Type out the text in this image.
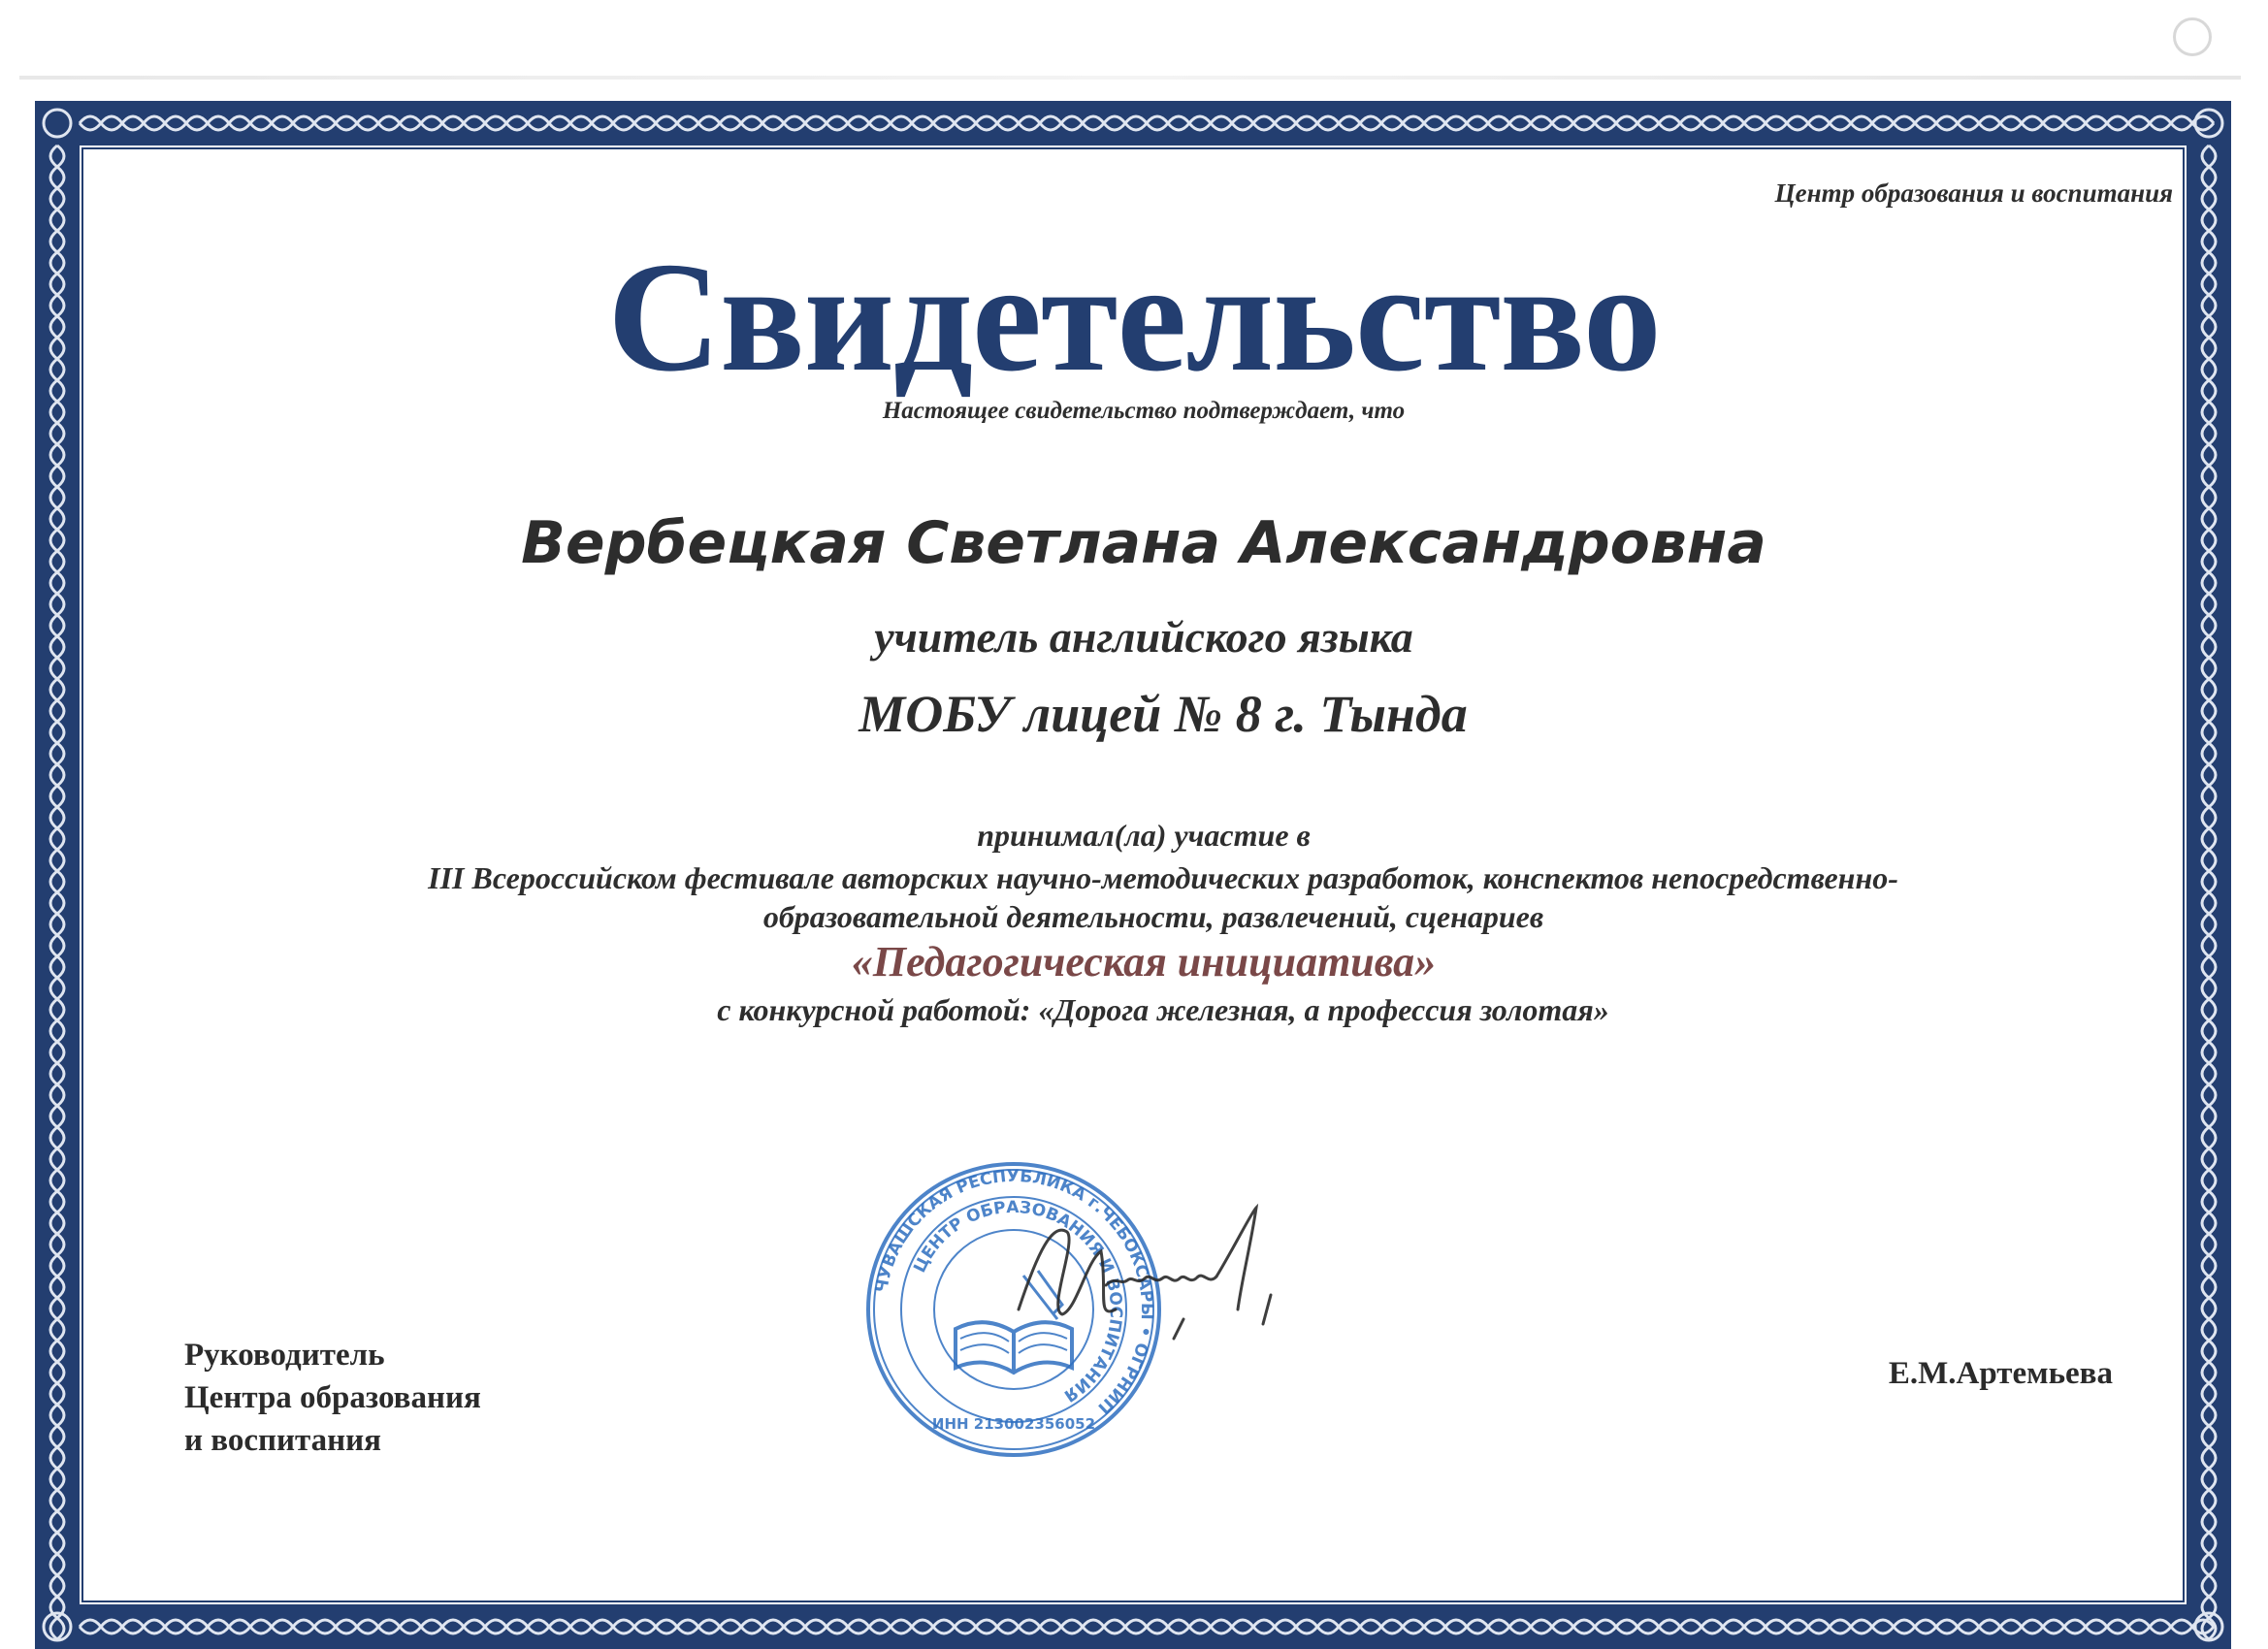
Центр образования и воспитания

Свидетельство

Настоящее свидетельство подтверждает, что

Вербецкая Светлана Александровна

учитель английского языка

МОБУ лицей № 8 г. Тында

принимал(ла) участие в

III Всероссийском фестивале авторских научно-методических разработок, конспектов непосредственно-

образовательной деятельности, развлечений, сценариев

«Педагогическая инициатива»

с конкурсной работой: «Дорога железная, а профессия золотая»

Руководитель
Центра образования
и воспитания

Е.М.Артемьева

ЧУВАШСКАЯ РЕСПУБЛИКА г.ЧЕБОКСАРЫ • ОГРНИП
ЦЕНТР ОБРАЗОВАНИЯ И ВОСПИТАНИЯ
ИНН 213002356052
